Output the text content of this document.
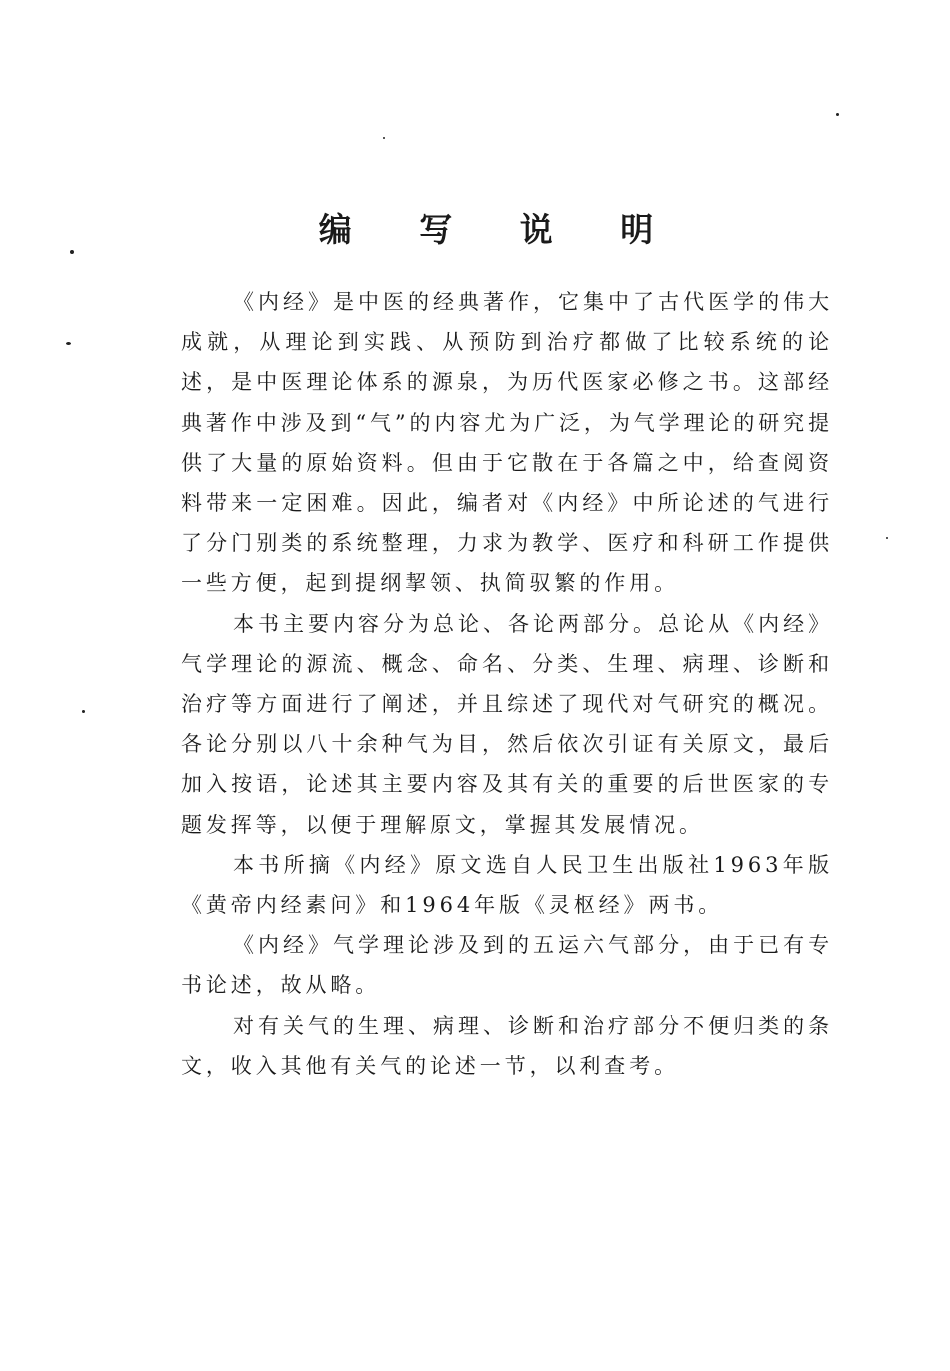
编 写 说 明

《内经》是中医的经典著作，它集中了古代医学的伟大成就，从理论到实践、从预防到治疗都做了比较系统的论述，是中医理论体系的源泉，为历代医家必修之书。这部经典著作中涉及到“气”的内容尤为广泛，为气学理论的研究提供了大量的原始资料。但由于它散在于各篇之中，给查阅资料带来一定困难。因此，编者对《内经》中所论述的气进行了分门别类的系统整理，力求为教学、医疗和科研工作提供一些方便，起到提纲挈领、执简驭繁的作用。

本书主要内容分为总论、各论两部分。总论从《内经》气学理论的源流、概念、命名、分类、生理、病理、诊断和治疗等方面进行了阐述，并且综述了现代对气研究的概况。各论分别以八十余种气为目，然后依次引证有关原文，最后加入按语，论述其主要内容及其有关的重要的后世医家的专题发挥等，以便于理解原文，掌握其发展情况。

本书所摘《内经》原文选自人民卫生出版社1963年版《黄帝内经素问》和1964年版《灵枢经》两书。

《内经》气学理论涉及到的五运六气部分，由于已有专书论述，故从略。

对有关气的生理、病理、诊断和治疗部分不便归类的条文，收入其他有关气的论述一节，以利查考。
